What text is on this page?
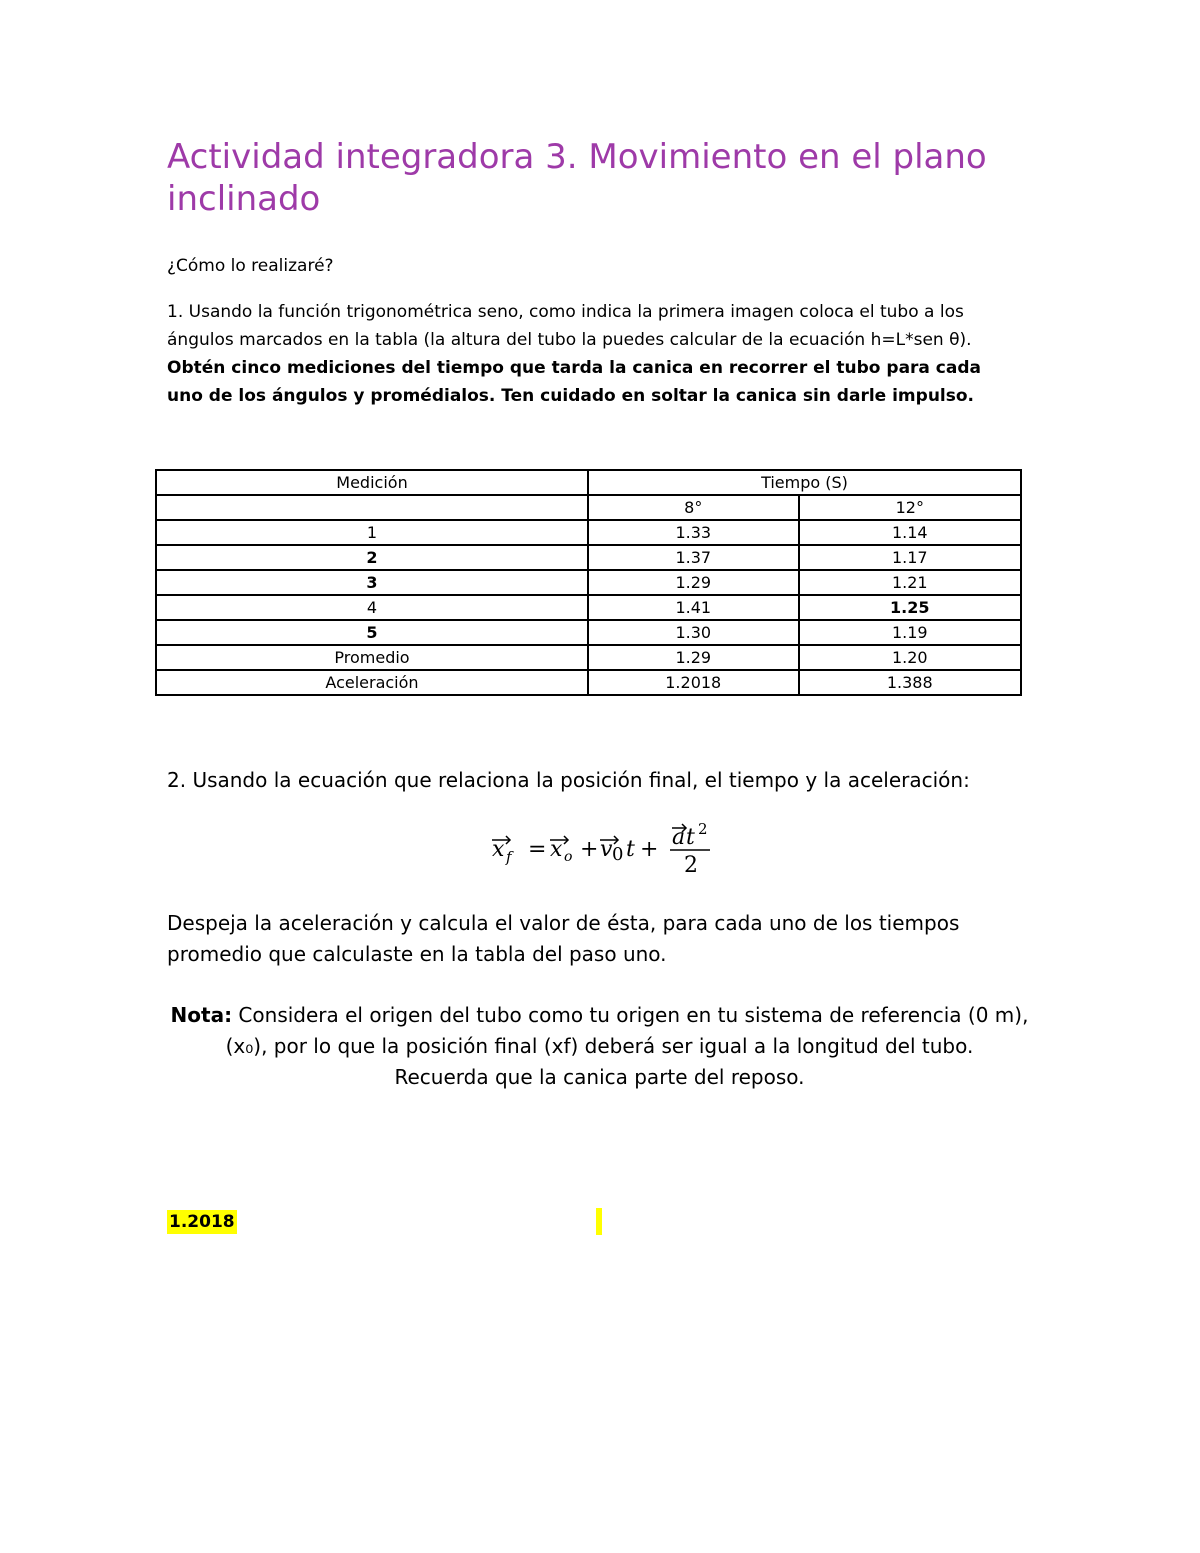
Actividad integradora 3. Movimiento en el plano inclinado
¿Cómo lo realizaré?
1. Usando la función trigonométrica seno, como indica la primera imagen coloca el tubo a los ángulos marcados en la tabla (la altura del tubo la puedes calcular de la ecuación h=L*sen θ). Obtén cinco mediciones del tiempo que tarda la canica en recorrer el tubo para cada uno de los ángulos y promédialos. Ten cuidado en soltar la canica sin darle impulso.
Medición	Tiempo (S)	
	8°	12°
1	1.33	1.14
2	1.37	1.17
3	1.29	1.21
4	1.41	1.25
5	1.30	1.19
Promedio	1.29	1.20
Aceleración	1.2018	1.388
2. Usando la ecuación que relaciona la posición final, el tiempo y la aceleración:
x f = x o + v 0 t + a t 2
2
Despeja la aceleración y calcula el valor de ésta, para cada uno de los tiempos promedio que calculaste en la tabla del paso uno.
Nota: Considera el origen del tubo como tu origen en tu sistema de referencia (0 m), (x₀), por lo que la posición final (xf) deberá ser igual a la longitud del tubo.
Recuerda que la canica parte del reposo.
1.2018
